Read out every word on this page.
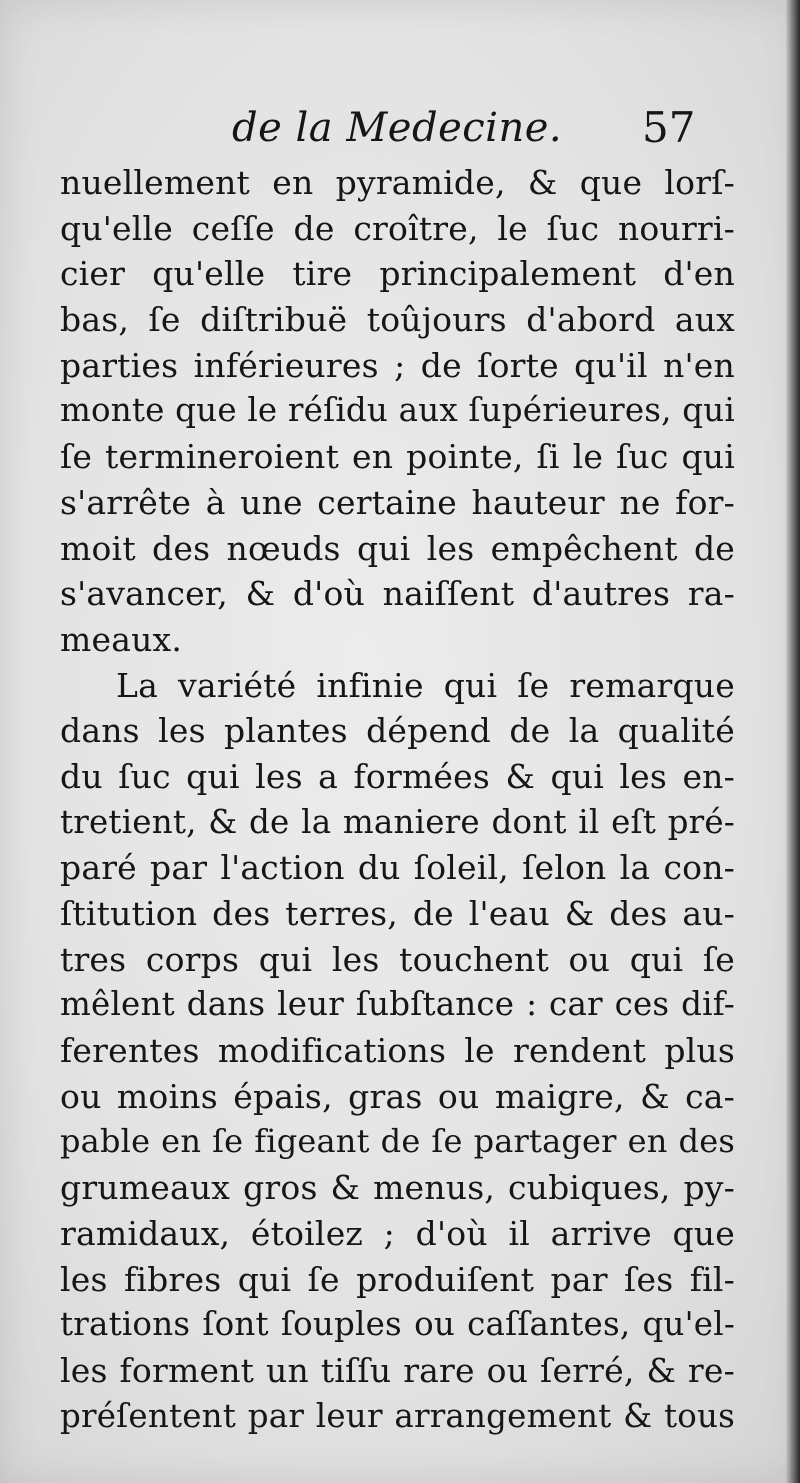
de la Medecine. 57
nuellement en pyramide, & que lorſ-
qu'elle ceſſe de croître, le ſuc nourri-
cier qu'elle tire principalement d'en
bas, ſe diſtribuë toûjours d'abord aux
parties inférieures ; de ſorte qu'il n'en
monte que le réſidu aux ſupérieures, qui
ſe termineroient en pointe, ſi le ſuc qui
s'arrête à une certaine hauteur ne for-
moit des nœuds qui les empêchent de
s'avancer, & d'où naiſſent d'autres ra-
meaux.
La variété infinie qui ſe remarque
dans les plantes dépend de la qualité
du ſuc qui les a formées & qui les en-
tretient, & de la maniere dont il eſt pré-
paré par l'action du ſoleil, ſelon la con-
ſtitution des terres, de l'eau & des au-
tres corps qui les touchent ou qui ſe
mêlent dans leur ſubſtance : car ces dif-
ferentes modifications le rendent plus
ou moins épais, gras ou maigre, & ca-
pable en ſe figeant de ſe partager en des
grumeaux gros & menus, cubiques, py-
ramidaux, étoilez ; d'où il arrive que
les fibres qui ſe produiſent par ſes fil-
trations ſont ſouples ou caſſantes, qu'el-
les forment un tiſſu rare ou ſerré, & re-
préſentent par leur arrangement & tous
